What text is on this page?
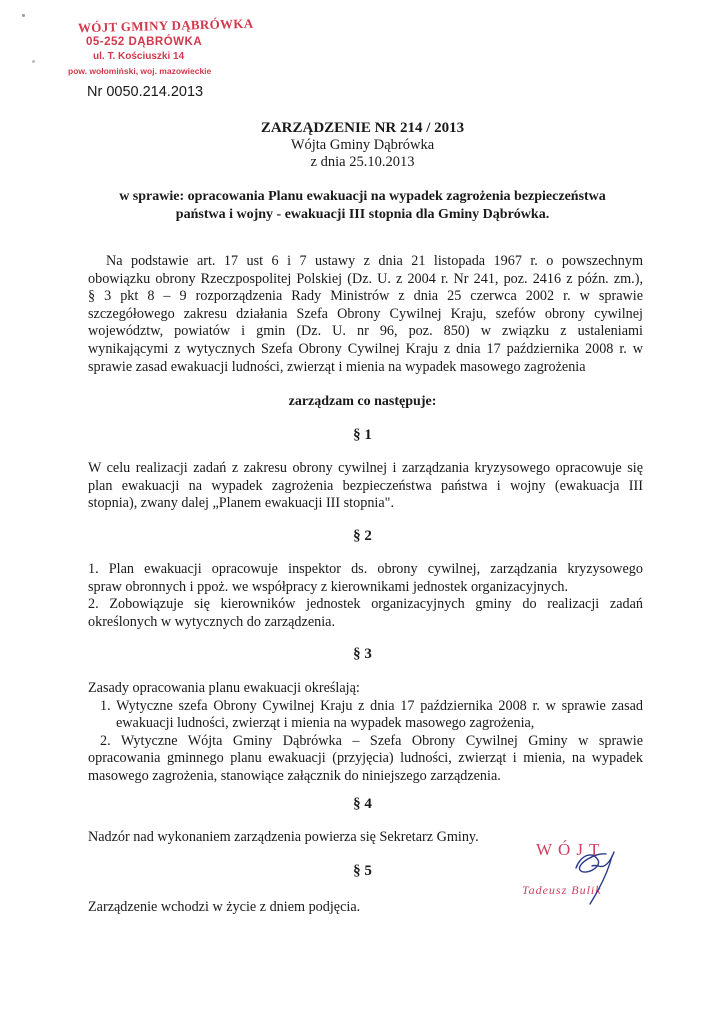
WÓJT GMINY DĄBRÓWKA
05-252 DĄBRÓWKA
ul. T. Kościuszki 14
pow. wołomiński, woj. mazowieckie
Nr 0050.214.2013
ZARZĄDZENIE NR 214 / 2013
Wójta Gminy Dąbrówka
z dnia 25.10.2013
w sprawie: opracowania Planu ewakuacji na wypadek zagrożenia bezpieczeństwa
państwa i wojny - ewakuacji III stopnia dla Gminy Dąbrówka.
Na podstawie art. 17 ust 6 i 7 ustawy z dnia 21 listopada 1967 r. o powszechnym
obowiązku obrony Rzeczpospolitej Polskiej (Dz. U. z 2004 r. Nr 241, poz. 2416 z późn. zm.),
§ 3 pkt 8 – 9 rozporządzenia Rady Ministrów z dnia 25 czerwca 2002 r. w sprawie
szczegółowego zakresu działania Szefa Obrony Cywilnej Kraju, szefów obrony cywilnej
województw, powiatów i gmin (Dz. U. nr 96, poz. 850) w związku z ustaleniami
wynikającymi z wytycznych Szefa Obrony Cywilnej Kraju z dnia 17 października 2008 r. w
sprawie zasad ewakuacji ludności, zwierząt i mienia na wypadek masowego zagrożenia
zarządzam co następuje:
§ 1
W celu realizacji zadań z zakresu obrony cywilnej i zarządzania kryzysowego opracowuje się
plan ewakuacji na wypadek zagrożenia bezpieczeństwa państwa i wojny (ewakuacja III
stopnia), zwany dalej „Planem ewakuacji III stopnia".
§ 2
1. Plan ewakuacji opracowuje inspektor ds. obrony cywilnej, zarządzania kryzysowego
spraw obronnych i ppoż. we współpracy z kierownikami jednostek organizacyjnych.
2. Zobowiązuje się kierowników jednostek organizacyjnych gminy do realizacji zadań
określonych w wytycznych do zarządzenia.
§ 3
Zasady opracowania planu ewakuacji określają:
1. Wytyczne szefa Obrony Cywilnej Kraju z dnia 17 października 2008 r. w sprawie zasad
ewakuacji ludności, zwierząt i mienia na wypadek masowego zagrożenia,
2. Wytyczne Wójta Gminy Dąbrówka – Szefa Obrony Cywilnej Gminy w sprawie
opracowania gminnego planu ewakuacji (przyjęcia) ludności, zwierząt i mienia, na wypadek
masowego zagrożenia, stanowiące załącznik do niniejszego zarządzenia.
§ 4
Nadzór nad wykonaniem zarządzenia powierza się Sekretarz Gminy.
§ 5
Zarządzenie wchodzi w życie z dniem podjęcia.
WÓJT
Tadeusz Bulik
